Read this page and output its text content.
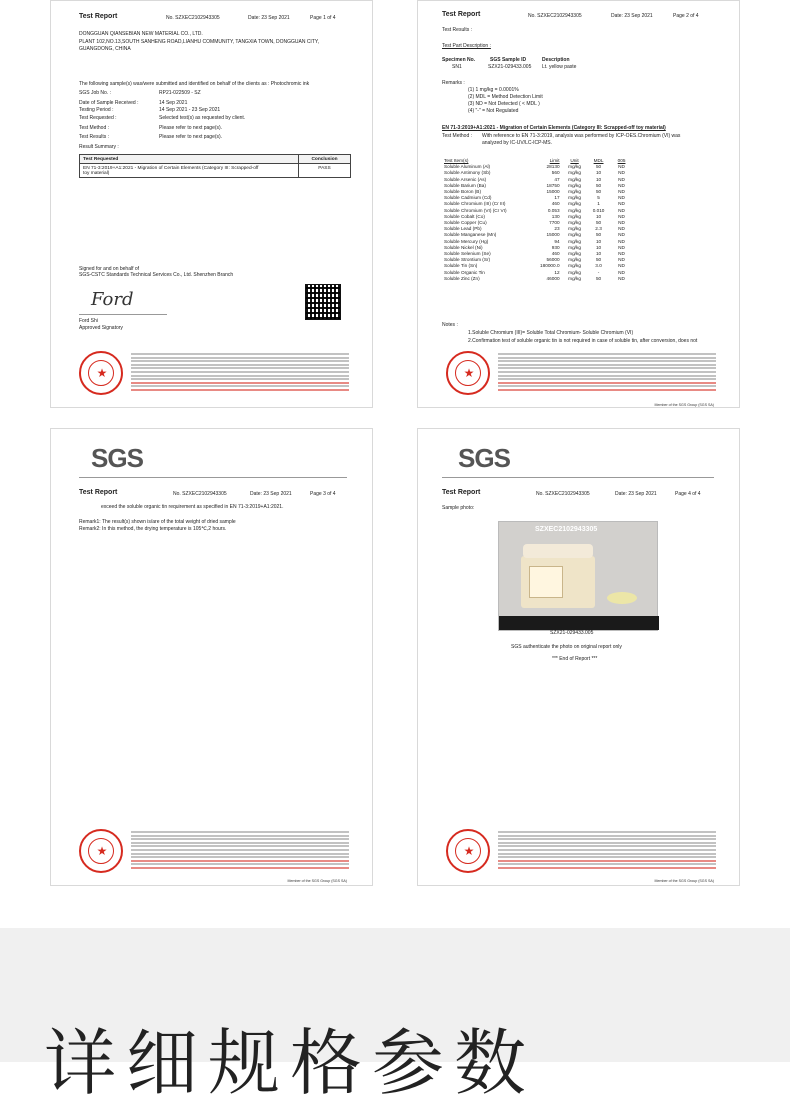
Test Report	No. SZXEC2102943305	Date: 23 Sep 2021	Page 1 of 4
DONGGUAN QIANSEBIAN NEW MATERIAL CO., LTD.
PLANT 102,NO.13,SOUTH SANHENG ROAD,LIANHU COMMUNITY, TANGXIA TOWN, DONGGUAN CITY,
GUANGDONG, CHINA
The following sample(s) was/were submitted and identified on behalf of the clients as : Photochromic ink
SGS Job No. :	RP21-022509 - SZ
Date of Sample Received :	14 Sep 2021
Testing Period :	14 Sep 2021 - 23 Sep 2021
Test Requested :	Selected test(s) as requested by client.
Test Method :	Please refer to next page(s).
Test Results :	Please refer to next page(s).
Result Summary :
Test Requested	Conclusion
EN 71-3:2019+A1:2021 - Migration of Certain Elements (Category III: Scrapped-off
toy material)	PASS
Signed for and on behalf of
SGS-CSTC Standards Technical Services Co., Ltd. Shenzhen Branch
Ford
Ford Shi
Approved Signatory
★
Test Report	No. SZXEC2102943305	Date: 23 Sep 2021	Page 2 of 4
Test Results :
Test Part Description :
Specimen No.	SGS Sample ID	Description
SN1	SZX21-029433.005 Lt. yellow paste
Remarks :
(1) 1 mg/kg = 0.0001%
(2) MDL = Method Detection Limit
(3) ND = Not Detected ( < MDL )
(4) "-" = Not Regulated
EN 71-3:2019+A1:2021 - Migration of Certain Elements (Category III: Scrapped-off toy material)
Test Method : With reference to EN 71-3:2019, analysis was performed by ICP-OES.Chromium (VI) was
analyzed by IC-UV/LC-ICP-MS.
Test Item(s)	Limit	Unit	MDL	005
Soluble Aluminum (Al)	28130	mg/kg	50	ND
Soluble Antimony (Sb)	560	mg/kg	10	ND
Soluble Arsenic (As)	47	mg/kg	10	ND
Soluble Barium (Ba)	18750	mg/kg	50	ND
Soluble Boron (B)	15000	mg/kg	50	ND
Soluble Cadmium (Cd)	17	mg/kg	5	ND
Soluble Chromium (III) (Cr III)	460	mg/kg	1	ND
Soluble Chromium (VI) (Cr VI)	0.053	mg/kg	0.010	ND
Soluble Cobalt (Co)	130	mg/kg	10	ND
Soluble Copper (Cu)	7700	mg/kg	50	ND
Soluble Lead (Pb)	23	mg/kg	2.3	ND
Soluble Manganese (Mn)	15000	mg/kg	50	ND
Soluble Mercury (Hg)	94	mg/kg	10	ND
Soluble Nickel (Ni)	930	mg/kg	10	ND
Soluble Selenium (Se)	460	mg/kg	10	ND
Soluble Strontium (Sr)	56000	mg/kg	50	ND
Soluble Tin (Sn)	180000.0	mg/kg	3.0	ND
Soluble Organic Tin	12	mg/kg	-	ND
Soluble Zinc (Zn)	46000	mg/kg	50	ND
Notes :
1.Soluble Chromium (III)= Soluble Total Chromium- Soluble Chromium (VI)
2.Confirmation test of soluble organic tin is not required in case of soluble tin, after conversion, does not
★
Member of the SGS Group (SGS SA)
SGS
Test Report	No. SZXEC2102943305	Date: 23 Sep 2021	Page 3 of 4
exceed the soluble organic tin requirement as specified in EN 71-3:2019+A1:2021.
Remark1: The result(s) shown is/are of the total weight of dried sample
Remark2: In this method, the drying temperature is 105℃,2 hours.
★
Member of the SGS Group (SGS SA)
SGS
Test Report	No. SZXEC2102943305	Date: 23 Sep 2021	Page 4 of 4
Sample photo:
SZXEC2102943305
SZX21-029433.005
SGS authenticate the photo on original report only
*** End of Report ***
★
Member of the SGS Group (SGS SA)
详细规格参数
